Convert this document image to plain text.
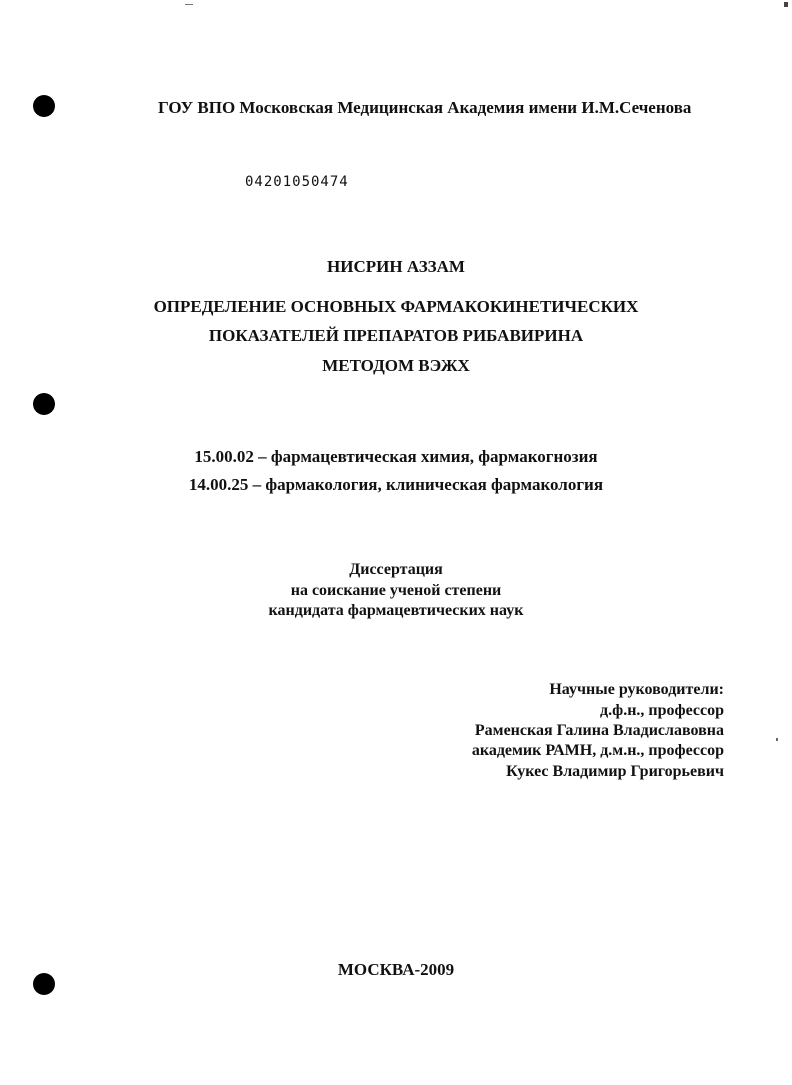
ГОУ ВПО Московская Медицинская Академия имени И.М.Сеченова
04201050474
НИСРИН АЗЗАМ
ОПРЕДЕЛЕНИЕ ОСНОВНЫХ ФАРМАКОКИНЕТИЧЕСКИХ
ПОКАЗАТЕЛЕЙ ПРЕПАРАТОВ РИБАВИРИНА
МЕТОДОМ ВЭЖХ
15.00.02 – фармацевтическая химия, фармакогнозия
14.00.25 – фармакология, клиническая фармакология
Диссертация
на соискание ученой степени
кандидата фармацевтических наук
Научные руководители:
д.ф.н., профессор
Раменская Галина Владиславовна
академик РАМН, д.м.н., профессор
Кукес Владимир Григорьевич
МОСКВА-2009
